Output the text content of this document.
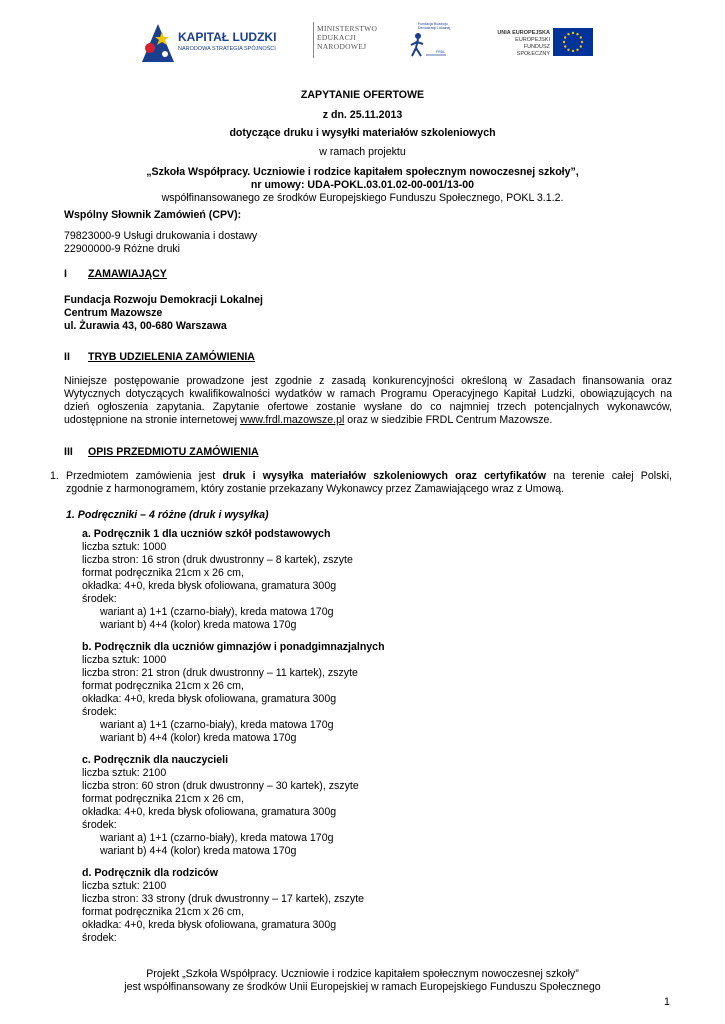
KAPITAŁ LUDZKI
NARODOWA STRATEGIA SPÓJNOŚCI
MINISTERSTWO
EDUKACJI
NARODOWEJ
Fundacja Rozwoju
Demokracji Lokalnej
FRDL
UNIA EUROPEJSKA
EUROPEJSKI
FUNDUSZ SPOŁECZNY
ZAPYTANIE OFERTOWE
z dn. 25.11.2013
dotyczące druku i wysyłki materiałów szkoleniowych
w ramach projektu
„Szkoła Współpracy. Uczniowie i rodzice kapitałem społecznym nowoczesnej szkoły”,
nr umowy: UDA-POKL.03.01.02-00-001/13-00
współfinansowanego ze środków Europejskiego Funduszu Społecznego, POKL 3.1.2.
Wspólny Słownik Zamówień (CPV):
79823000-9 Usługi drukowania i dostawy
22900000-9 Różne druki
I ZAMAWIAJĄCY
Fundacja Rozwoju Demokracji Lokalnej
Centrum Mazowsze
ul. Żurawia 43, 00-680 Warszawa
II TRYB UDZIELENIA ZAMÓWIENIA
Niniejsze postępowanie prowadzone jest zgodnie z zasadą konkurencyjności określoną w Zasadach finansowania oraz
Wytycznych dotyczących kwalifikowalności wydatków w ramach Programu Operacyjnego Kapitał Ludzki, obowiązujących na
dzień ogłoszenia zapytania. Zapytanie ofertowe zostanie wysłane do co najmniej trzech potencjalnych wykonawców,
udostępnione na stronie internetowej www.frdl.mazowsze.pl oraz w siedzibie FRDL Centrum Mazowsze.
III OPIS PRZEDMIOTU ZAMÓWIENIA
1. Przedmiotem zamówienia jest druk i wysyłka materiałów szkoleniowych oraz certyfikatów na terenie całej Polski,
zgodnie z harmonogramem, który zostanie przekazany Wykonawcy przez Zamawiającego wraz z Umową.
1. Podręczniki – 4 różne (druk i wysyłka)
a. Podręcznik 1 dla uczniów szkół podstawowych
liczba sztuk: 1000
liczba stron: 16 stron (druk dwustronny – 8 kartek), zszyte
format podręcznika 21cm x 26 cm,
okładka: 4+0, kreda błysk ofoliowana, gramatura 300g
środek:
wariant a) 1+1 (czarno-biały), kreda matowa 170g
wariant b) 4+4 (kolor) kreda matowa 170g
b. Podręcznik dla uczniów gimnazjów i ponadgimnazjalnych
liczba sztuk: 1000
liczba stron: 21 stron (druk dwustronny – 11 kartek), zszyte
format podręcznika 21cm x 26 cm,
okładka: 4+0, kreda błysk ofoliowana, gramatura 300g
środek:
wariant a) 1+1 (czarno-biały), kreda matowa 170g
wariant b) 4+4 (kolor) kreda matowa 170g
c. Podręcznik dla nauczycieli
liczba sztuk: 2100
liczba stron: 60 stron (druk dwustronny – 30 kartek), zszyte
format podręcznika 21cm x 26 cm,
okładka: 4+0, kreda błysk ofoliowana, gramatura 300g
środek:
wariant a) 1+1 (czarno-biały), kreda matowa 170g
wariant b) 4+4 (kolor) kreda matowa 170g
d. Podręcznik dla rodziców
liczba sztuk: 2100
liczba stron: 33 strony (druk dwustronny – 17 kartek), zszyte
format podręcznika 21cm x 26 cm,
okładka: 4+0, kreda błysk ofoliowana, gramatura 300g
środek:
Projekt „Szkoła Współpracy. Uczniowie i rodzice kapitałem społecznym nowoczesnej szkoły”
jest współfinansowany ze środków Unii Europejskiej w ramach Europejskiego Funduszu Społecznego
1
